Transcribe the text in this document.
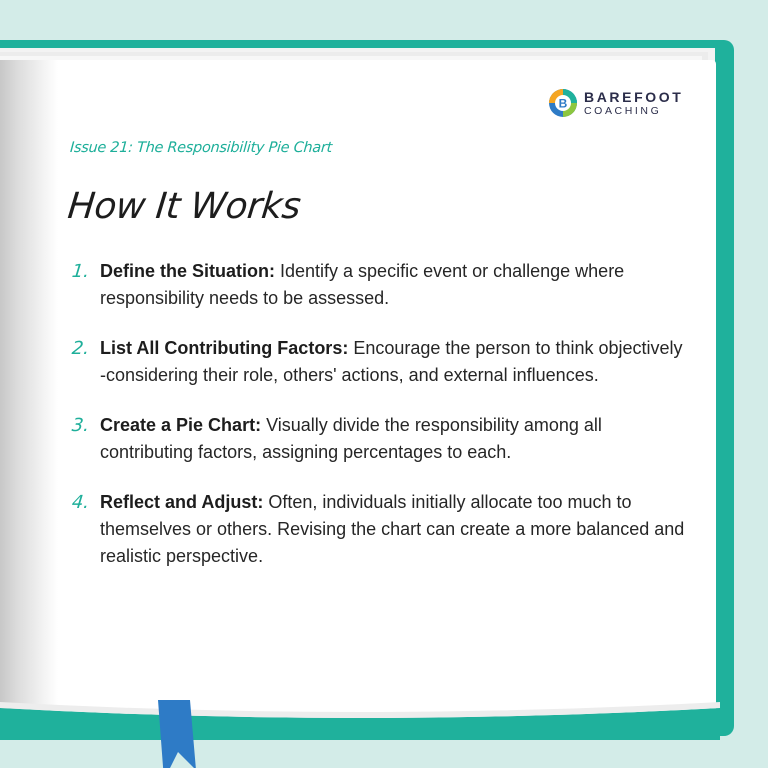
B BAREFOOT
COACHING
Issue 21: The Responsibility Pie Chart
How It Works
1. Define the Situation: Identify a specific event or challenge where responsibility needs to be assessed.
2. List All Contributing Factors: Encourage the person to think objectively -considering their role, others' actions, and external influences.
3. Create a Pie Chart: Visually divide the responsibility among all contributing factors, assigning percentages to each.
4. Reflect and Adjust: Often, individuals initially allocate too much to themselves or others. Revising the chart can create a more balanced and realistic perspective.
